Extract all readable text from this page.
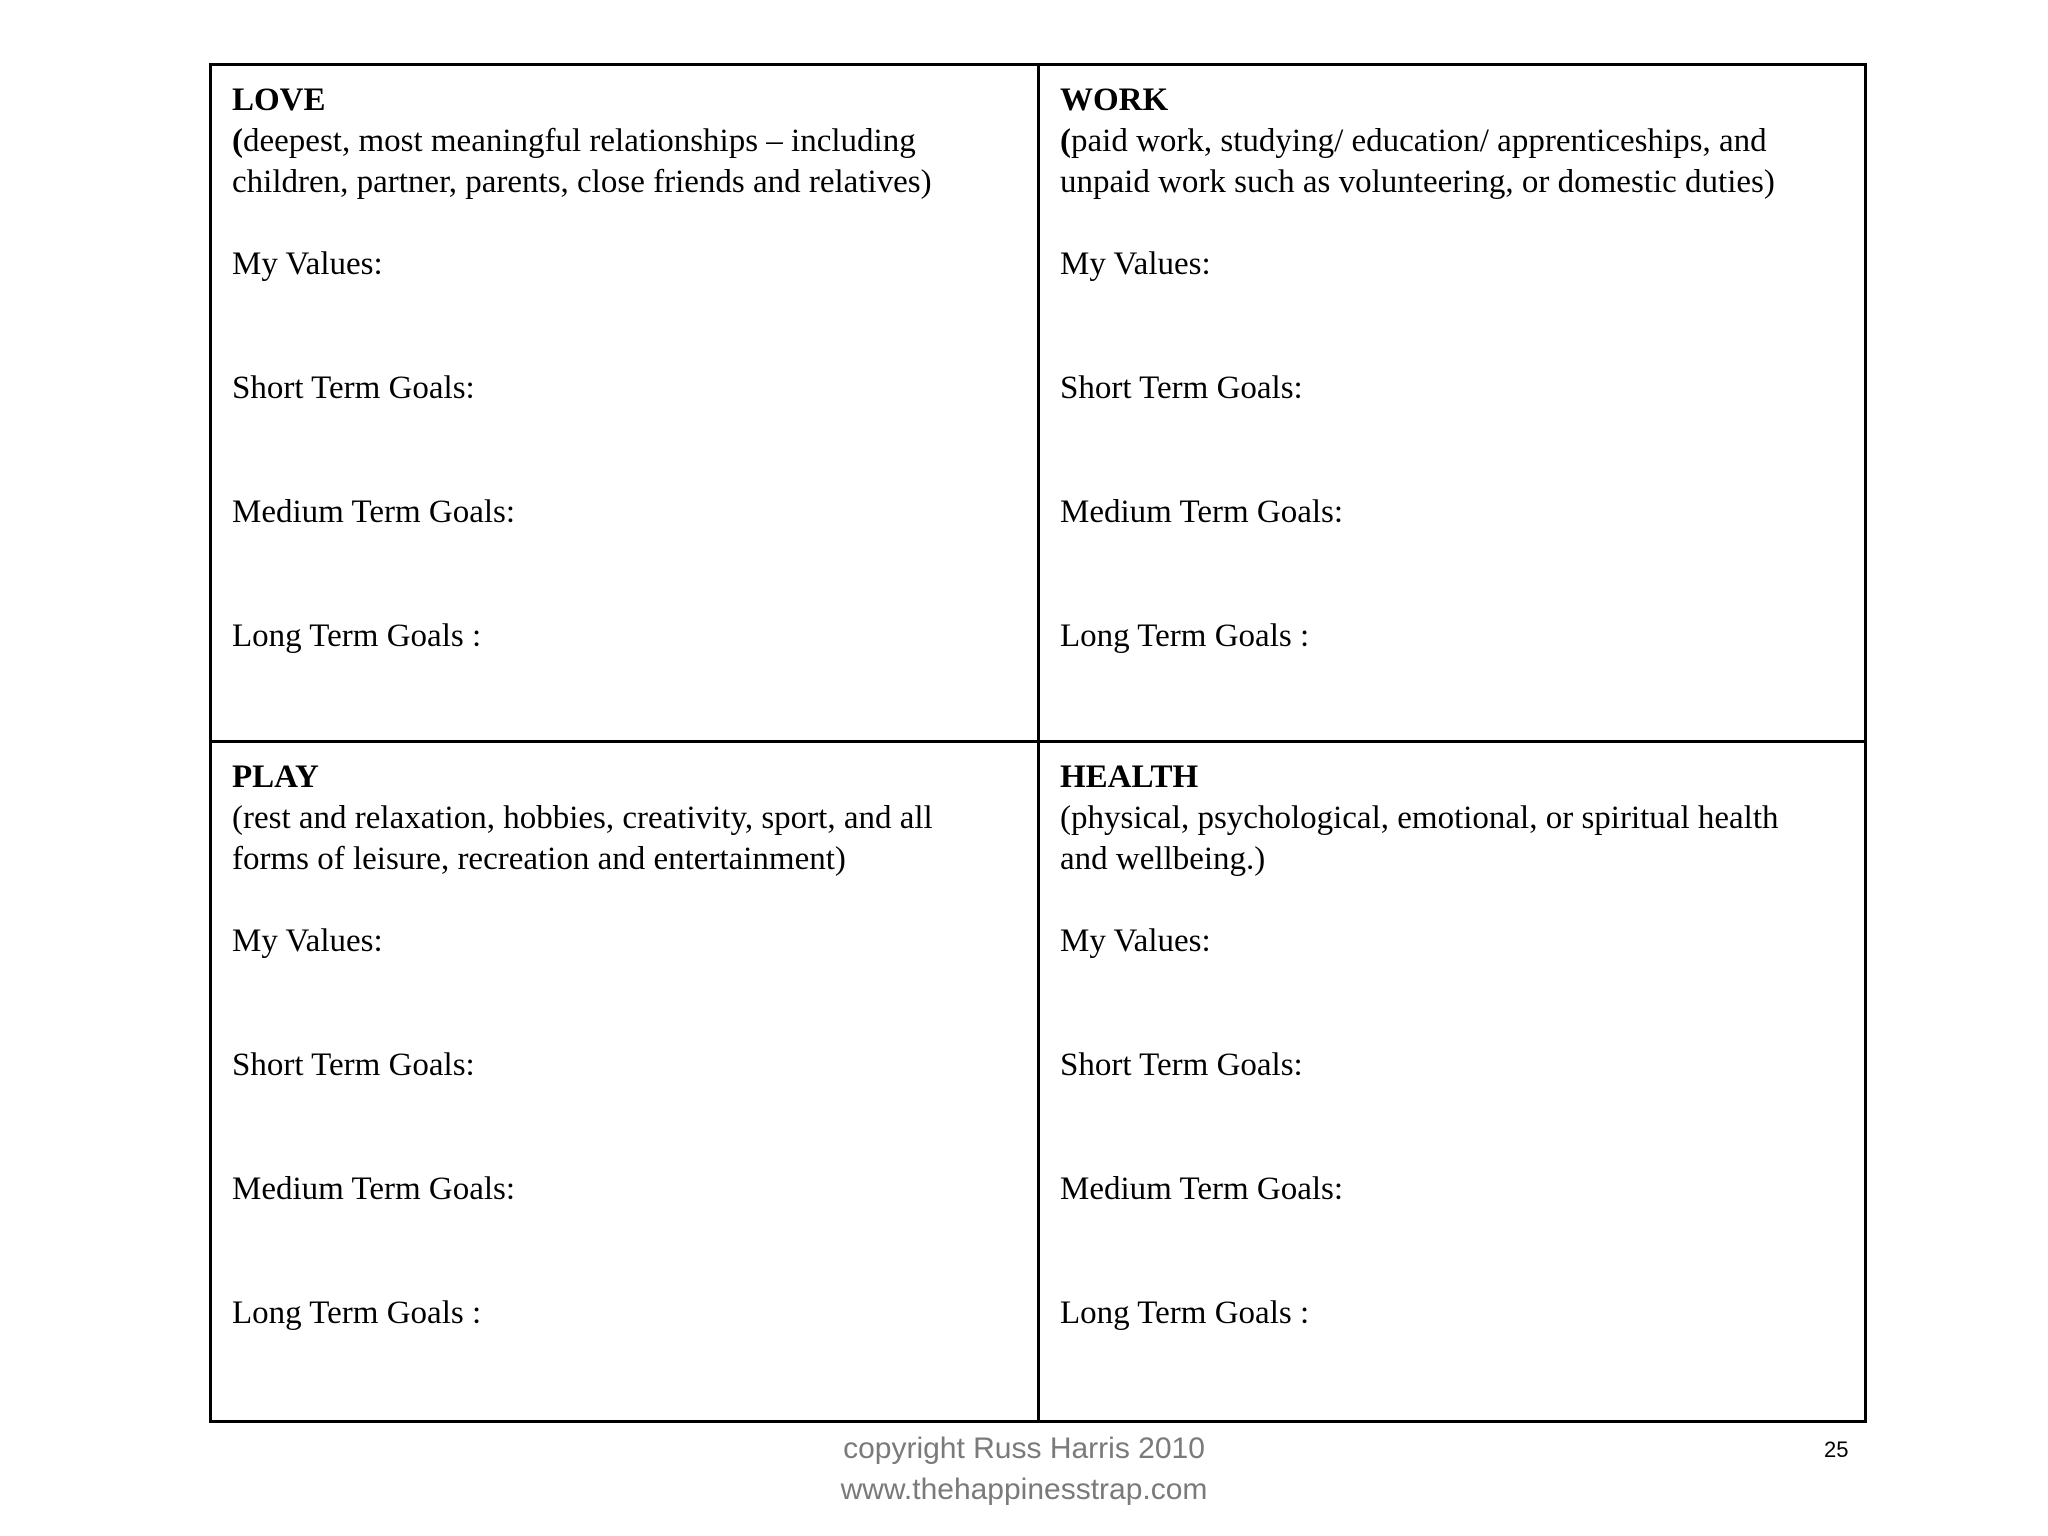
LOVE
(deepest, most meaningful relationships – including
children, partner, parents, close friends and relatives)
My Values:
Short Term Goals:
Medium Term Goals:
Long Term Goals :
WORK
(paid work, studying/ education/ apprenticeships, and
unpaid work such as volunteering, or domestic duties)
My Values:
Short Term Goals:
Medium Term Goals:
Long Term Goals :
PLAY
(rest and relaxation, hobbies, creativity, sport, and all
forms of leisure, recreation and entertainment)
My Values:
Short Term Goals:
Medium Term Goals:
Long Term Goals :
HEALTH
(physical, psychological, emotional, or spiritual health
and wellbeing.)
My Values:
Short Term Goals:
Medium Term Goals:
Long Term Goals :
copyright Russ Harris 2010
www.thehappinesstrap.com
25
